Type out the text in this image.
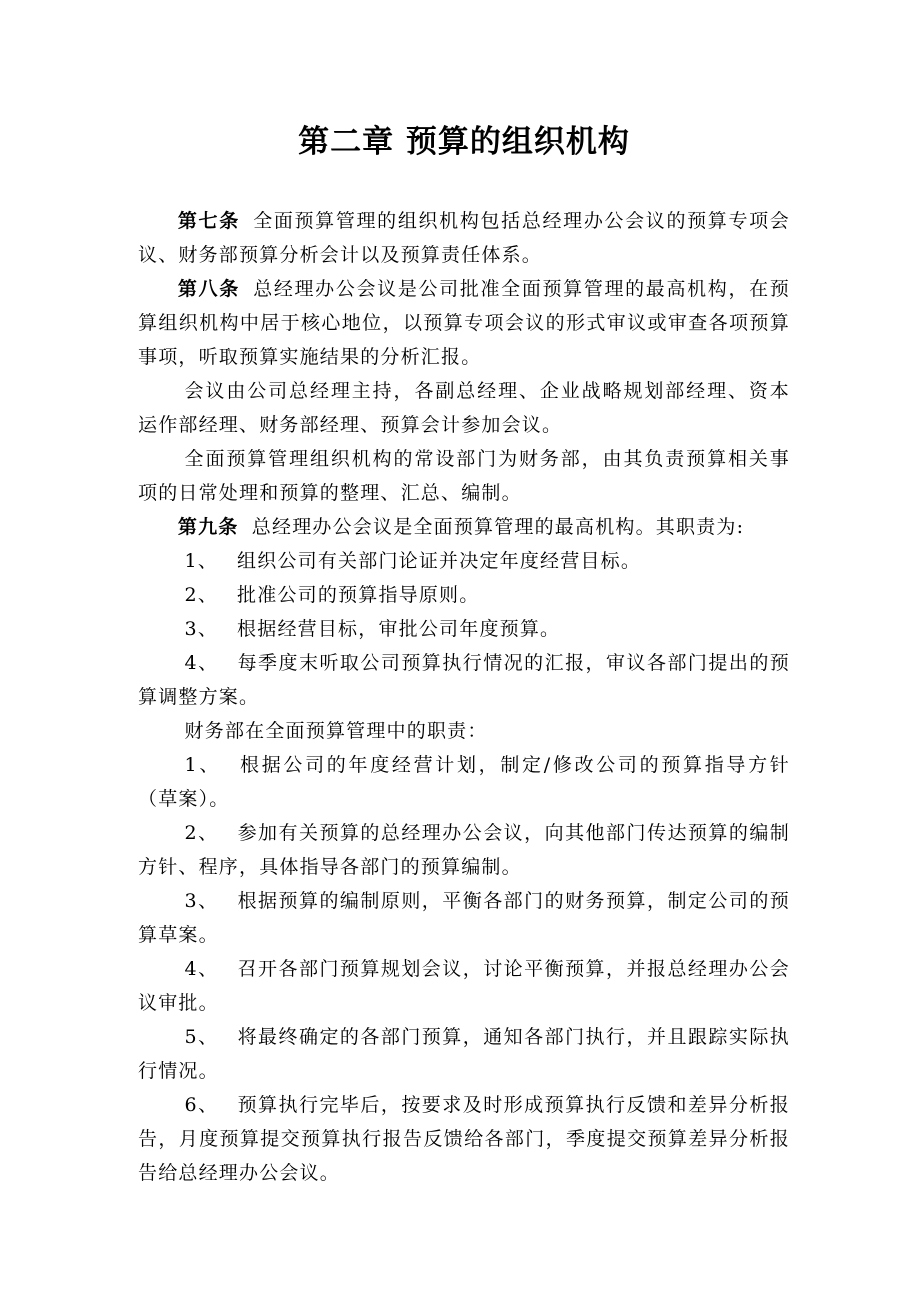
第二章 预算的组织机构

第七条 全面预算管理的组织机构包括总经理办公会议的预算专项会议、财务部预算分析会计以及预算责任体系。

第八条 总经理办公会议是公司批准全面预算管理的最高机构，在预算组织机构中居于核心地位，以预算专项会议的形式审议或审查各项预算事项，听取预算实施结果的分析汇报。

会议由公司总经理主持，各副总经理、企业战略规划部经理、资本运作部经理、财务部经理、预算会计参加会议。

全面预算管理组织机构的常设部门为财务部，由其负责预算相关事项的日常处理和预算的整理、汇总、编制。

第九条 总经理办公会议是全面预算管理的最高机构。其职责为:

1、 组织公司有关部门论证并决定年度经营目标。

2、 批准公司的预算指导原则。

3、 根据经营目标，审批公司年度预算。

4、 每季度末听取公司预算执行情况的汇报，审议各部门提出的预算调整方案。

财务部在全面预算管理中的职责：

1、 根据公司的年度经营计划，制定/修改公司的预算指导方针（草案）。

2、 参加有关预算的总经理办公会议，向其他部门传达预算的编制方针、程序，具体指导各部门的预算编制。

3、 根据预算的编制原则，平衡各部门的财务预算，制定公司的预算草案。

4、 召开各部门预算规划会议，讨论平衡预算，并报总经理办公会议审批。

5、 将最终确定的各部门预算，通知各部门执行，并且跟踪实际执行情况。

6、 预算执行完毕后，按要求及时形成预算执行反馈和差异分析报告，月度预算提交预算执行报告反馈给各部门，季度提交预算差异分析报告给总经理办公会议。
